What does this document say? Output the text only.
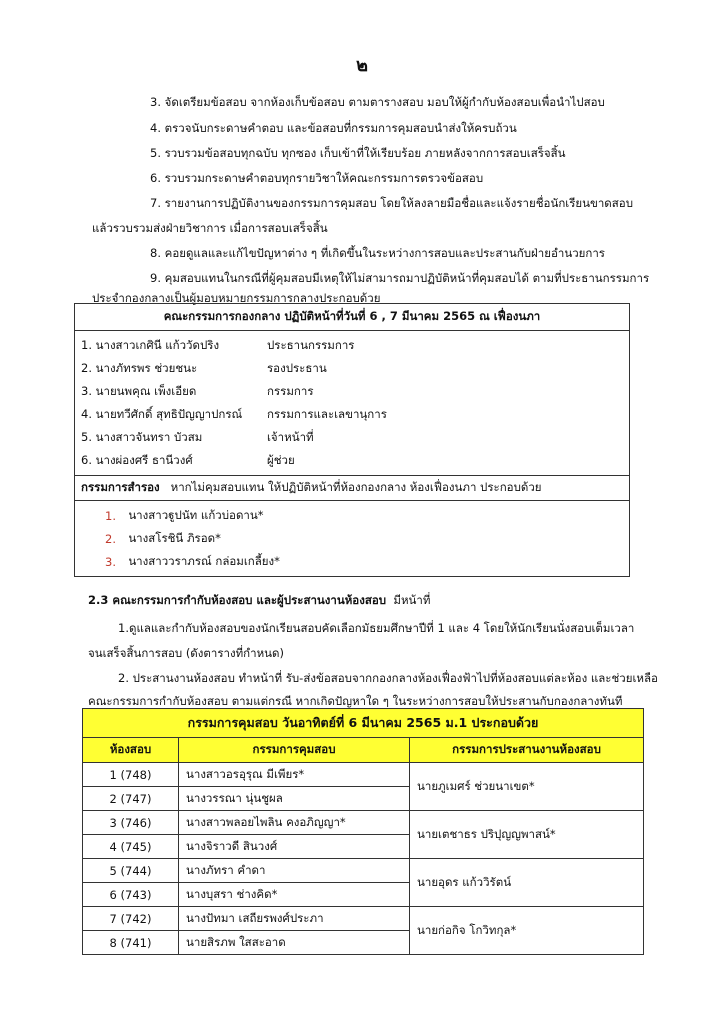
๒
3. จัดเตรียมข้อสอบ จากห้องเก็บข้อสอบ ตามตารางสอบ มอบให้ผู้กำกับห้องสอบเพื่อนำไปสอบ
4. ตรวจนับกระดาษคำตอบ และข้อสอบที่กรรมการคุมสอบนำส่งให้ครบถ้วน
5. รวบรวมข้อสอบทุกฉบับ ทุกซอง เก็บเข้าที่ให้เรียบร้อย ภายหลังจากการสอบเสร็จสิ้น
6. รวบรวมกระดาษคำตอบทุกรายวิชาให้คณะกรรมการตรวจข้อสอบ
7. รายงานการปฏิบัติงานของกรรมการคุมสอบ โดยให้ลงลายมือชื่อและแจ้งรายชื่อนักเรียนขาดสอบ
แล้วรวบรวมส่งฝ่ายวิชาการ เมื่อการสอบเสร็จสิ้น
8. คอยดูแลและแก้ไขปัญหาต่าง ๆ ที่เกิดขึ้นในระหว่างการสอบและประสานกับฝ่ายอำนวยการ
9. คุมสอบแทนในกรณีที่ผู้คุมสอบมีเหตุให้ไม่สามารถมาปฏิบัติหน้าที่คุมสอบได้ ตามที่ประธานกรรมการ
ประจำกองกลางเป็นผู้มอบหมายกรรมการกลางประกอบด้วย
คณะกรรมการกองกลาง ปฏิบัติหน้าที่วันที่ 6 , 7 มีนาคม 2565 ณ เฟื่องนภา

1. นางสาวเกศินี แก้ววัดปริง	ประธานกรรมการ
2. นางภัทรพร ช่วยชนะ	รองประธาน
3. นายนพคุณ เพ็งเอียด	กรรมการ
4. นายทวีศักดิ์ สุทธิปัญญาปกรณ์	กรรมการและเลขานุการ
5. นางสาวจันทรา บัวสม	เจ้าหน้าที่
6. นางผ่องศรี ธานีวงศ์	ผู้ช่วย

กรรมการสำรอง หากไม่คุมสอบแทน ให้ปฏิบัติหน้าที่ห้องกองกลาง ห้องเฟื่องนภา ประกอบด้วย

1.
	นางสาวฐูปนัท แก้วบ่อดาน*
2.
	นางสโรชินี ภิรอด*
3.
	นางสาววราภรณ์ กล่อมเกลี้ยง*
2.3 คณะกรรมการกำกับห้องสอบ และผู้ประสานงานห้องสอบ มีหน้าที่
1.ดูแลและกำกับห้องสอบของนักเรียนสอบคัดเลือกมัธยมศึกษาปีที่ 1 และ 4 โดยให้นักเรียนนั่งสอบเต็มเวลา
จนเสร็จสิ้นการสอบ (ดังตารางที่กำหนด)
2. ประสานงานห้องสอบ ทำหน้าที่ รับ-ส่งข้อสอบจากกองกลางห้องเฟื่องฟ้าไปที่ห้องสอบแต่ละห้อง และช่วยเหลือ
คณะกรรมการกำกับห้องสอบ ตามแต่กรณี หากเกิดปัญหาใด ๆ ในระหว่างการสอบให้ประสานกับกองกลางทันที
กรรมการคุมสอบ วันอาทิตย์ที่ 6 มีนาคม 2565 ม.1 ประกอบด้วย		
ห้องสอบ	กรรมการคุมสอบ	กรรมการประสานงานห้องสอบ
1 (748)	นางสาวอรอุรุณ มีเพียร*	นายภูเมศร์ ช่วยนาเขต*
2 (747)	นางวรรณา นุ่นชูผล	
3 (746)	นางสาวพลอยไพลิน คงอภิญญา*	นายเตชาธร ปริปุญญพาสน์*
4 (745)	นางจิราวดี สินวงศ์	
5 (744)	นางภัทรา คำดา	นายอุดร แก้ววิรัตน์
6 (743)	นางบุสรา ช่างคิด*	
7 (742)	นางปัทมา เสถียรพงศ์ประภา	นายก่อกิจ โกวิทกุล*
8 (741)	นายสิรภพ ใสสะอาด	
